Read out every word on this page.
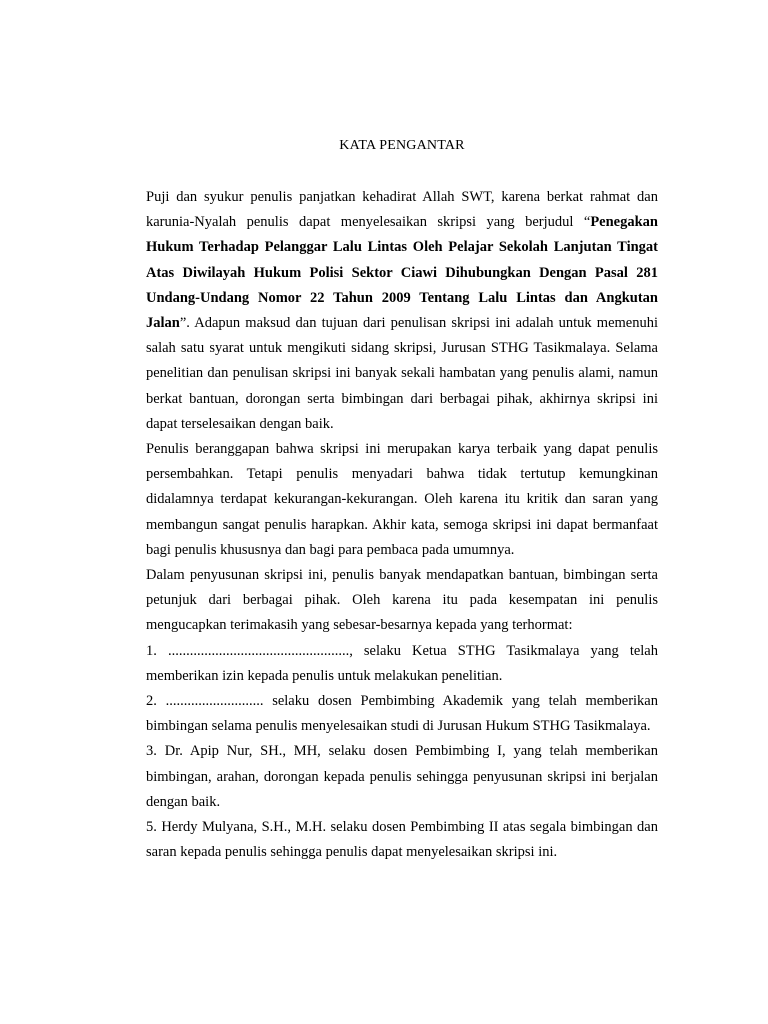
KATA PENGANTAR

Puji dan syukur penulis panjatkan kehadirat Allah SWT, karena berkat rahmat dan karunia-Nyalah penulis dapat menyelesaikan skripsi yang berjudul “Penegakan Hukum Terhadap Pelanggar Lalu Lintas Oleh Pelajar Sekolah Lanjutan Tingat Atas Diwilayah Hukum Polisi Sektor Ciawi Dihubungkan Dengan Pasal 281 Undang-Undang Nomor 22 Tahun 2009 Tentang Lalu Lintas dan Angkutan Jalan”. Adapun maksud dan tujuan dari penulisan skripsi ini adalah untuk memenuhi salah satu syarat untuk mengikuti sidang skripsi, Jurusan STHG Tasikmalaya. Selama penelitian dan penulisan skripsi ini banyak sekali hambatan yang penulis alami, namun berkat bantuan, dorongan serta bimbingan dari berbagai pihak, akhirnya skripsi ini dapat terselesaikan dengan baik.

Penulis beranggapan bahwa skripsi ini merupakan karya terbaik yang dapat penulis persembahkan. Tetapi penulis menyadari bahwa tidak tertutup kemungkinan didalamnya terdapat kekurangan-kekurangan. Oleh karena itu kritik dan saran yang membangun sangat penulis harapkan. Akhir kata, semoga skripsi ini dapat bermanfaat bagi penulis khususnya dan bagi para pembaca pada umumnya.

Dalam penyusunan skripsi ini, penulis banyak mendapatkan bantuan, bimbingan serta petunjuk dari berbagai pihak. Oleh karena itu pada kesempatan ini penulis mengucapkan terimakasih yang sebesar-besarnya kepada yang terhormat:

1. .................................................., selaku Ketua STHG Tasikmalaya yang telah memberikan izin kepada penulis untuk melakukan penelitian.

2. ........................... selaku dosen Pembimbing Akademik yang telah memberikan bimbingan selama penulis menyelesaikan studi di Jurusan Hukum STHG Tasikmalaya.

3. Dr. Apip Nur, SH., MH, selaku dosen Pembimbing I, yang telah memberikan bimbingan, arahan, dorongan kepada penulis sehingga penyusunan skripsi ini berjalan dengan baik.

5. Herdy Mulyana, S.H., M.H. selaku dosen Pembimbing II atas segala bimbingan dan saran kepada penulis sehingga penulis dapat menyelesaikan skripsi ini.
